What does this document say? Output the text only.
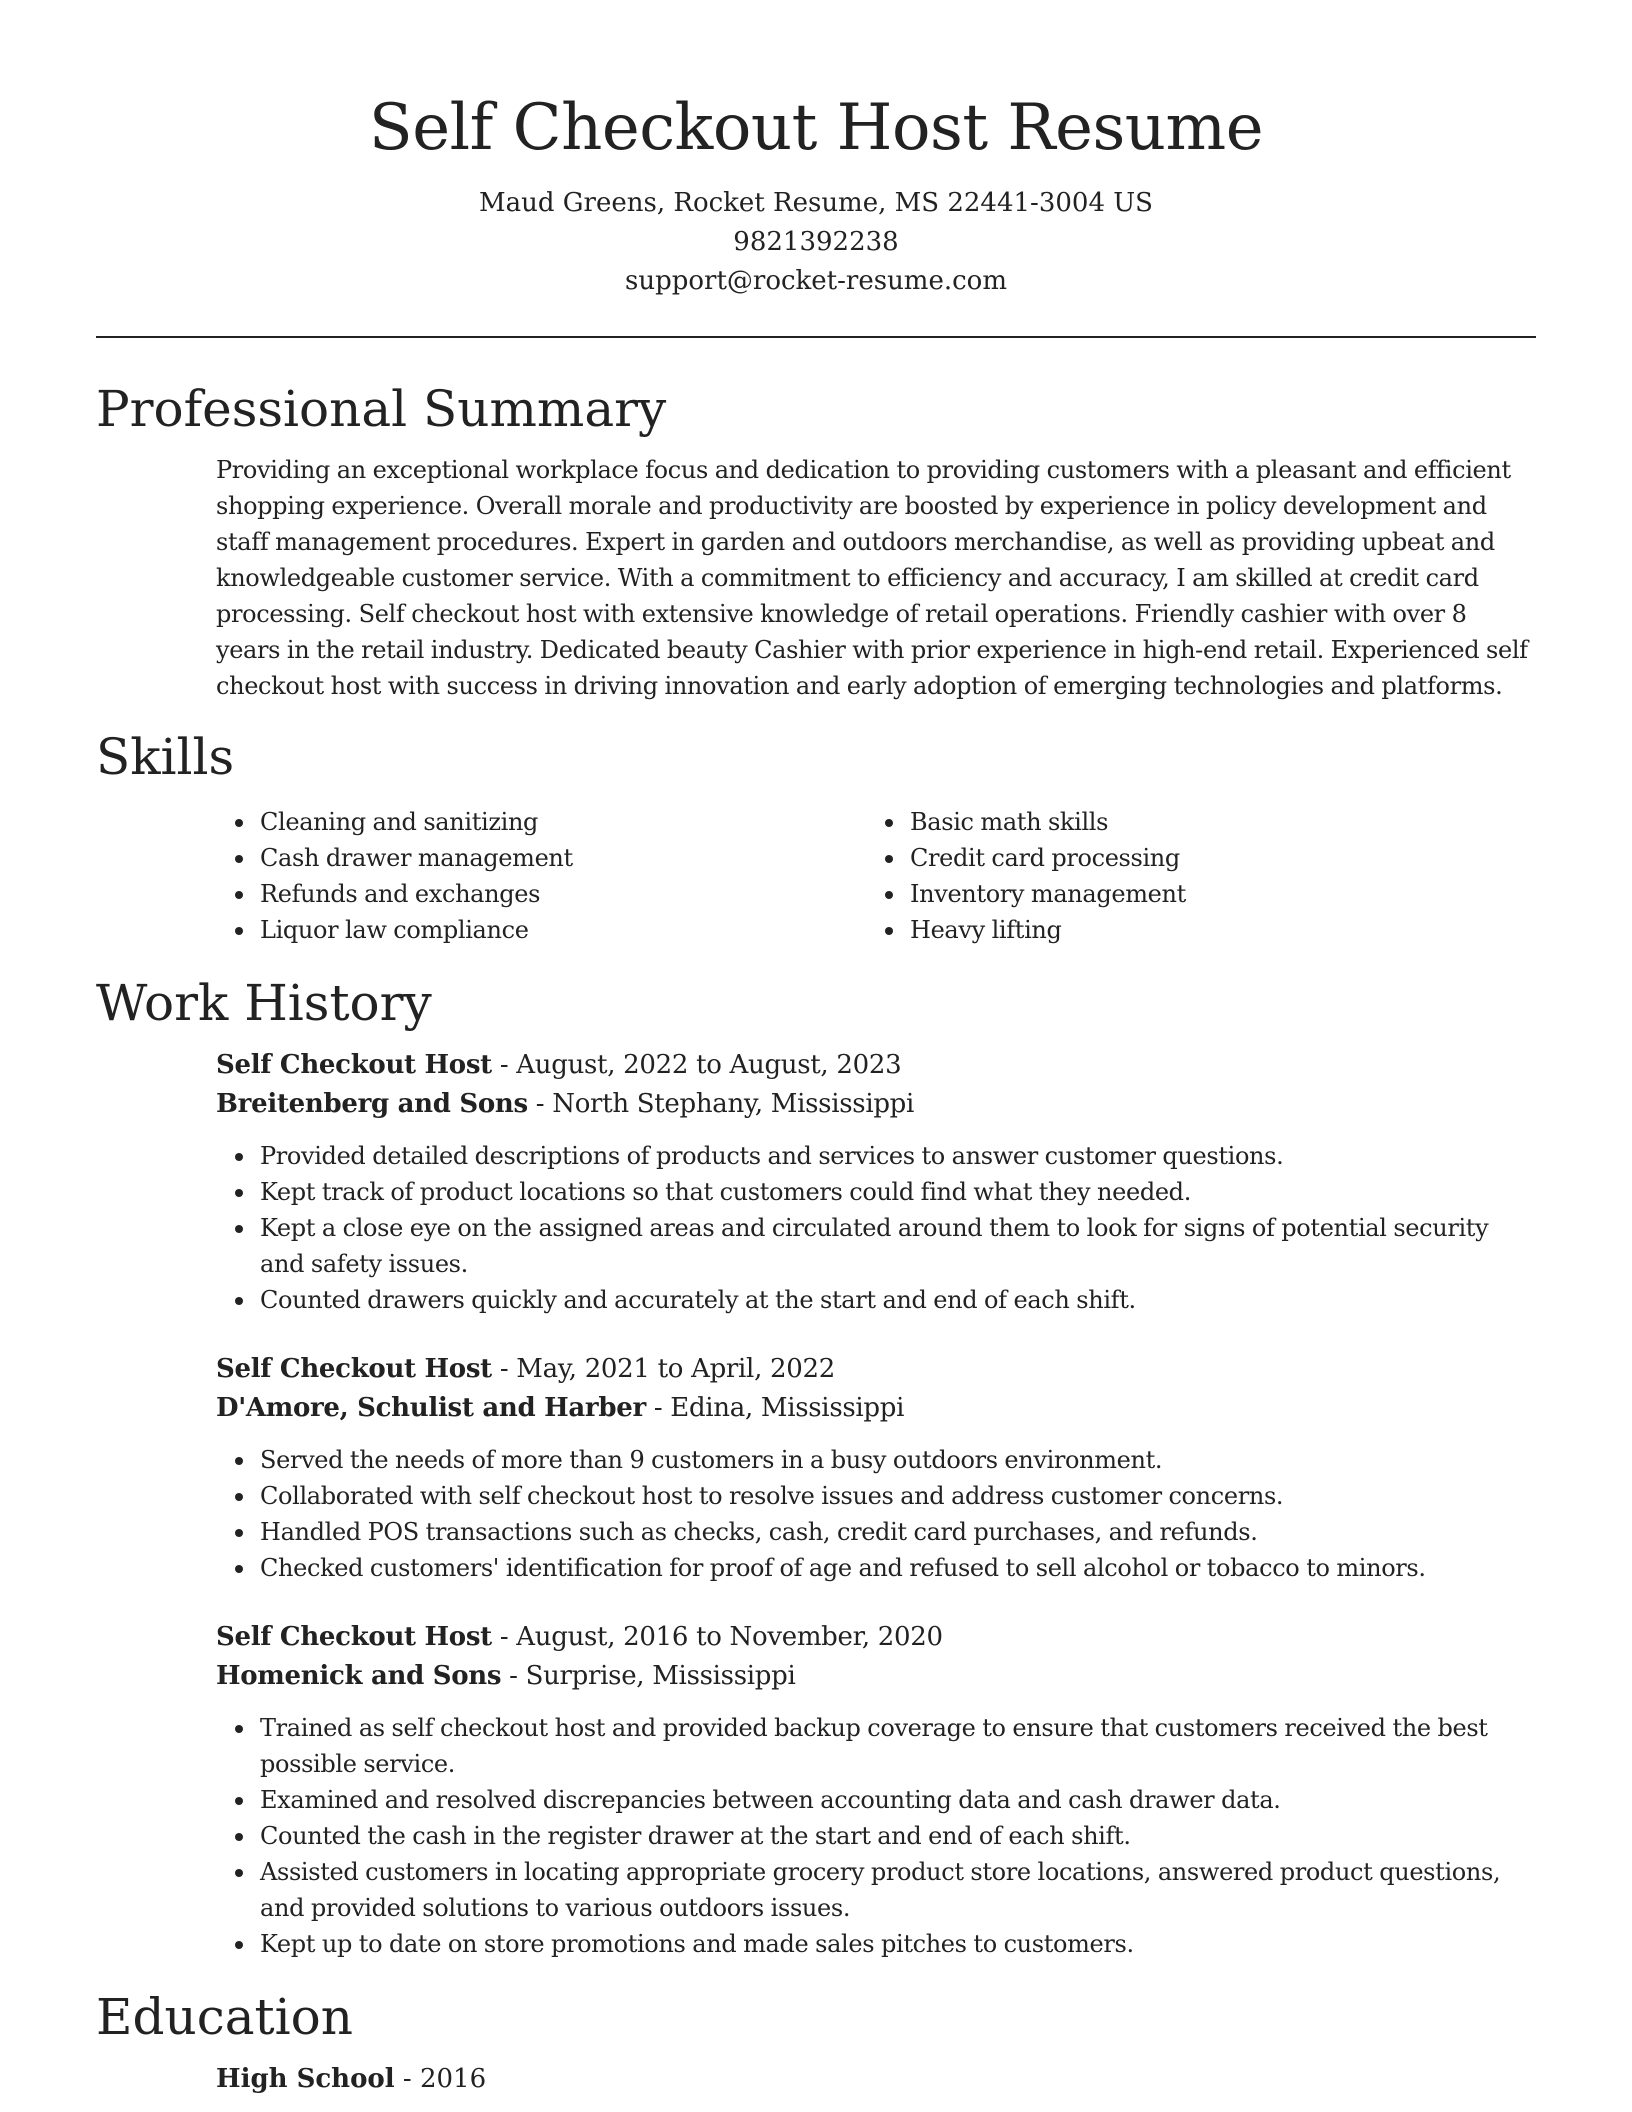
Self Checkout Host Resume
Maud Greens, Rocket Resume, MS 22441-3004 US
9821392238
support@rocket-resume.com
Professional Summary

Providing an exceptional workplace focus and dedication to providing customers with a pleasant and efficient shopping experience. Overall morale and productivity are boosted by experience in policy development and staff management procedures. Expert in garden and outdoors merchandise, as well as providing upbeat and knowledgeable customer service. With a commitment to efficiency and accuracy, I am skilled at credit card processing. Self checkout host with extensive knowledge of retail operations. Friendly cashier with over 8 years in the retail industry. Dedicated beauty Cashier with prior experience in high-end retail. Experienced self checkout host with success in driving innovation and early adoption of emerging technologies and platforms.

Skills
Cleaning and sanitizing	Basic math skills
Cash drawer management	Credit card processing
Refunds and exchanges	Inventory management
Liquor law compliance	Heavy lifting
Work History
Self Checkout Host - August, 2022 to August, 2023
Breitenberg and Sons - North Stephany, Mississippi
Provided detailed descriptions of products and services to answer customer questions.
Kept track of product locations so that customers could find what they needed.
Kept a close eye on the assigned areas and circulated around them to look for signs of potential security and safety issues.
Counted drawers quickly and accurately at the start and end of each shift.
Self Checkout Host - May, 2021 to April, 2022
D'Amore, Schulist and Harber - Edina, Mississippi
Served the needs of more than 9 customers in a busy outdoors environment.
Collaborated with self checkout host to resolve issues and address customer concerns.
Handled POS transactions such as checks, cash, credit card purchases, and refunds.
Checked customers' identification for proof of age and refused to sell alcohol or tobacco to minors.
Self Checkout Host - August, 2016 to November, 2020
Homenick and Sons - Surprise, Mississippi
Trained as self checkout host and provided backup coverage to ensure that customers received the best possible service.
Examined and resolved discrepancies between accounting data and cash drawer data.
Counted the cash in the register drawer at the start and end of each shift.
Assisted customers in locating appropriate grocery product store locations, answered product questions, and provided solutions to various outdoors issues.
Kept up to date on store promotions and made sales pitches to customers.
Education
High School - 2016
